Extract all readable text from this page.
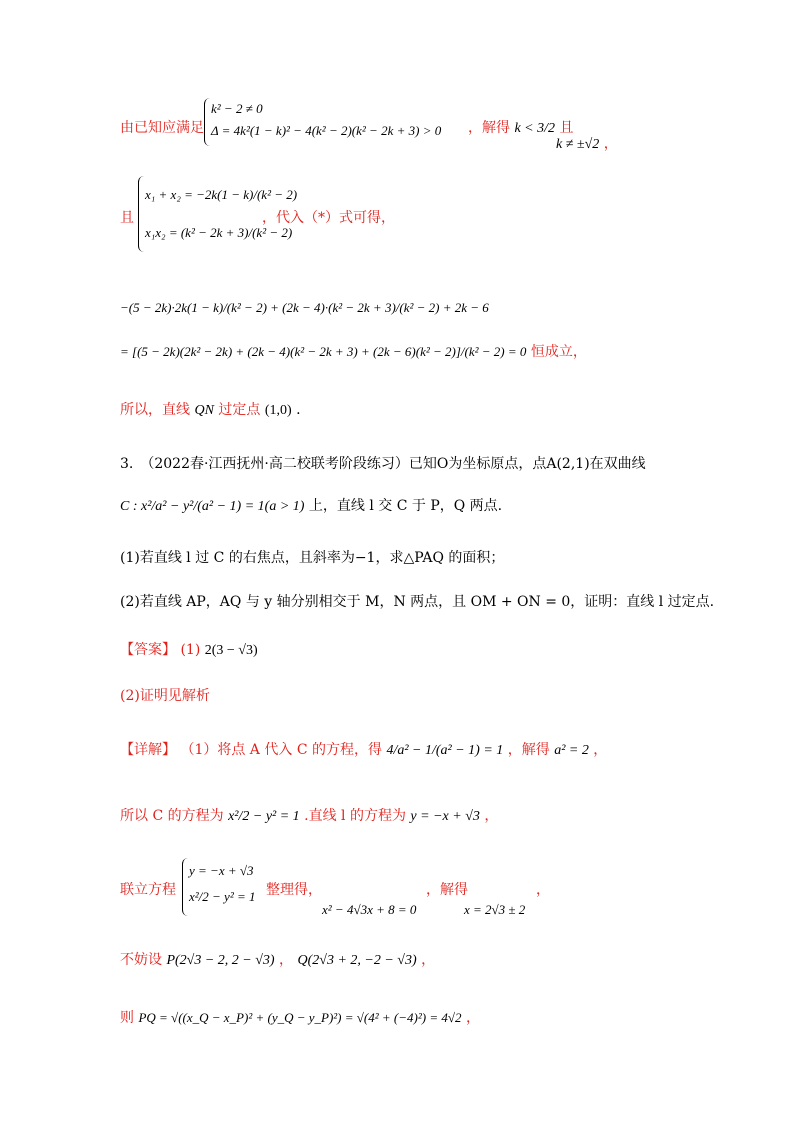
由已知应满足
k² − 2 ≠ 0
Δ = 4k²(1 − k)² − 4(k² − 2)(k² − 2k + 3) > 0 ，解得 k < 3/2 且
k ≠ ±√2 ，
且
x₁ + x₂ = −2k(1 − k)/(k² − 2)
x₁x₂ = (k² − 2k + 3)/(k² − 2)
，代入（*）式可得，
−(5 − 2k)·2k(1 − k)/(k² − 2) + (2k − 4)·(k² − 2k + 3)/(k² − 2) + 2k − 6
= [(5 − 2k)(2k² − 2k) + (2k − 4)(k² − 2k + 3) + (2k − 6)(k² − 2)]/(k² − 2) = 0 恒成立，
所以，直线 QN 过定点 (1,0) .
3.　（2022春·江西抚州·高二校联考阶段练习）已知O为坐标原点，点A(2,1)在双曲线
C : x²/a² − y²/(a² − 1) = 1(a > 1) 上，直线 l 交 C 于 P，Q 两点.
(1)若直线 l 过 C 的右焦点，且斜率为−1，求△PAQ 的面积；
(2)若直线 AP，AQ 与 y 轴分别相交于 M，N 两点，且 OM + ON = 0，证明：直线 l 过定点.
【答案】 (1) 2(3 − √3)
(2)证明见解析
【详解】 （1）将点 A 代入 C 的方程，得 4/a² − 1/(a² − 1) = 1 ，解得 a² = 2 ，
所以 C 的方程为 x²/2 − y² = 1 .直线 l 的方程为 y = −x + √3 ，
联立方程
y = −x + √3
x²/2 − y² = 1 整理得，
x² − 4√3x + 8 = 0
，解得
x = 2√3 ± 2
，
不妨设 P(2√3 − 2, 2 − √3) ， Q(2√3 + 2, −2 − √3) ，
则 PQ = √((x_Q − x_P)² + (y_Q − y_P)²) = √(4² + (−4)²) = 4√2 ，
